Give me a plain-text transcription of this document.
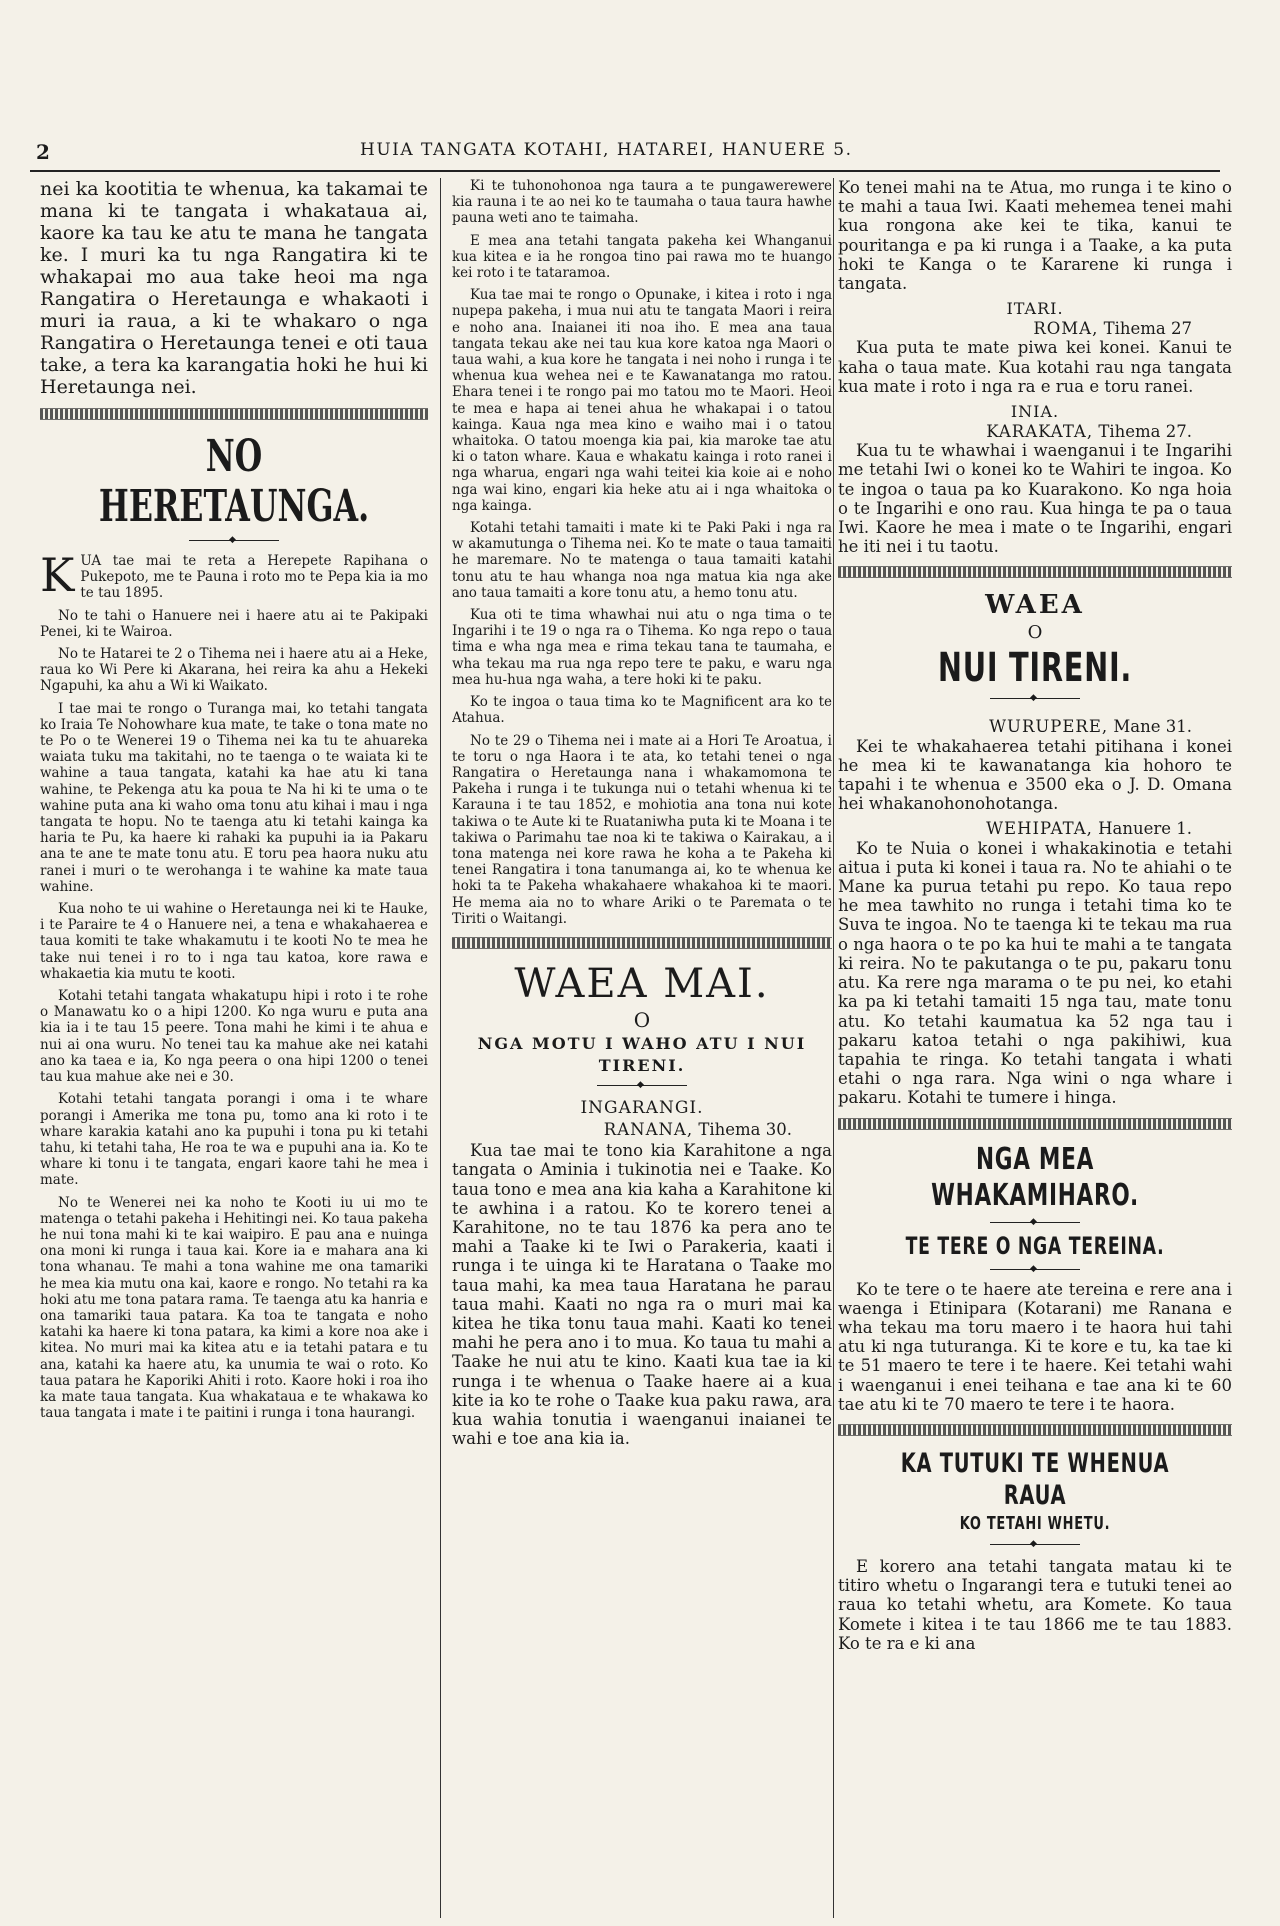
2	HUIA TANGATA KOTAHI, HATAREI, HANUERE 5.

nei ka kootitia te whenua, ka takamai te mana ki te tangata i whakataua ai, kaore ka tau ke atu te mana he tangata ke. I muri ka tu nga Rangatira ki te whakapai mo aua take heoi ma nga Rangatira o Heretaunga e whakaoti i muri ia raua, a ki te whakaro o nga Rangatira o Heretaunga tenei e oti taua take, a tera ka karangatia hoki he hui ki Heretaunga nei.

NO HERETAUNGA.
◆

KUA tae mai te reta a Herepete Rapihana o Pukepoto, me te Pauna i roto mo te Pepa kia ia mo te tau 1895.

No te tahi o Hanuere nei i haere atu ai te Pakipaki Penei, ki te Wairoa.

No te Hatarei te 2 o Tihema nei i haere atu ai a Heke, raua ko Wi Pere ki Akarana, hei reira ka ahu a Hekeki Ngapuhi, ka ahu a Wi ki Waikato.

I tae mai te rongo o Turanga mai, ko tetahi tangata ko Iraia Te Nohowhare kua mate, te take o tona mate no te Po o te Wenerei 19 o Tihema nei ka tu te ahuareka waiata tuku ma takitahi, no te taenga o te waiata ki te wahine a taua tangata, katahi ka hae atu ki tana wahine, te Pekenga atu ka poua te Na hi ki te uma o te wahine puta ana ki waho oma tonu atu kihai i mau i nga tangata te hopu. No te taenga atu ki tetahi kainga ka haria te Pu, ka haere ki rahaki ka pupuhi ia ia Pakaru ana te ane te mate tonu atu. E toru pea haora nuku atu ranei i muri o te werohanga i te wahine ka mate taua wahine.

Kua noho te ui wahine o Heretaunga nei ki te Hauke, i te Paraire te 4 o Hanuere nei, a tena e whakahaerea e taua komiti te take whakamutu i te kooti No te mea he take nui tenei i ro to i nga tau katoa, kore rawa e whakaetia kia mutu te kooti.

Kotahi tetahi tangata whakatupu hipi i roto i te rohe o Manawatu ko o a hipi 1200. Ko nga wuru e puta ana kia ia i te tau 15 peere. Tona mahi he kimi i te ahua e nui ai ona wuru. No tenei tau ka mahue ake nei katahi ano ka taea e ia, Ko nga peera o ona hipi 1200 o tenei tau kua mahue ake nei e 30.

Kotahi tetahi tangata porangi i oma i te whare porangi i Amerika me tona pu, tomo ana ki roto i te whare karakia katahi ano ka pupuhi i tona pu ki tetahi tahu, ki tetahi taha, He roa te wa e pupuhi ana ia. Ko te whare ki tonu i te tangata, engari kaore tahi he mea i mate.

No te Wenerei nei ka noho te Kooti iu ui mo te matenga o tetahi pakeha i Hehitingi nei. Ko taua pakeha he nui tona mahi ki te kai waipiro. E pau ana e nuinga ona moni ki runga i taua kai. Kore ia e mahara ana ki tona whanau. Te mahi a tona wahine me ona tamariki he mea kia mutu ona kai, kaore e rongo. No tetahi ra ka hoki atu me tona patara rama. Te taenga atu ka hanria e ona tamariki taua patara. Ka toa te tangata e noho katahi ka haere ki tona patara, ka kimi a kore noa ake i kitea. No muri mai ka kitea atu e ia tetahi patara e tu ana, katahi ka haere atu, ka unumia te wai o roto. Ko taua patara he Kaporiki Ahiti i roto. Kaore hoki i roa iho ka mate taua tangata. Kua whakataua e te whakawa ko taua tangata i mate i te paitini i runga i tona haurangi.

Ki te tuhonohonoa nga taura a te pungawerewere kia rauna i te ao nei ko te taumaha o taua taura hawhe pauna weti ano te taimaha.

E mea ana tetahi tangata pakeha kei Whanganui kua kitea e ia he rongoa tino pai rawa mo te huango kei roto i te tataramoa.

Kua tae mai te rongo o Opunake, i kitea i roto i nga nupepa pakeha, i mua nui atu te tangata Maori i reira e noho ana. Inaianei iti noa iho. E mea ana taua tangata tekau ake nei tau kua kore katoa nga Maori o taua wahi, a kua kore he tangata i nei noho i runga i te whenua kua wehea nei e te Kawanatanga mo ratou. Ehara tenei i te rongo pai mo tatou mo te Maori. Heoi te mea e hapa ai tenei ahua he whakapai i o tatou kainga. Kaua nga mea kino e waiho mai i o tatou whaitoka. O tatou moenga kia pai, kia maroke tae atu ki o taton whare. Kaua e whakatu kainga i roto ranei i nga wharua, engari nga wahi teitei kia koie ai e noho nga wai kino, engari kia heke atu ai i nga whaitoka o nga kainga.

Kotahi tetahi tamaiti i mate ki te Paki Paki i nga ra w akamutunga o Tihema nei. Ko te mate o taua tamaiti he maremare. No te matenga o taua tamaiti katahi tonu atu te hau whanga noa nga matua kia nga ake ano taua tamaiti a kore tonu atu, a hemo tonu atu.

Kua oti te tima whawhai nui atu o nga tima o te Ingarihi i te 19 o nga ra o Tihema. Ko nga repo o taua tima e wha nga mea e rima tekau tana te taumaha, e wha tekau ma rua nga repo tere te paku, e waru nga mea hu-hua nga waha, a tere hoki ki te paku.

Ko te ingoa o taua tima ko te Magnificent ara ko te Atahua.

No te 29 o Tihema nei i mate ai a Hori Te Aroatua, i te toru o nga Haora i te ata, ko tetahi tenei o nga Rangatira o Heretaunga nana i whakamomona te Pakeha i runga i te tukunga nui o tetahi whenua ki te Karauna i te tau 1852, e mohiotia ana tona nui kote takiwa o te Aute ki te Ruataniwha puta ki te Moana i te takiwa o Parimahu tae noa ki te takiwa o Kairakau, a i tona matenga nei kore rawa he koha a te Pakeha ki tenei Rangatira i tona tanumanga ai, ko te whenua ke hoki ta te Pakeha whakahaere whakahoa ki te maori. He mema aia no to whare Ariki o te Paremata o te Tiriti o Waitangi.

WAEA MAI.
O
NGA MOTU I WAHO ATU I NUI TIRENI.
◆
INGARANGI.

RANANA, Tihema 30.

Kua tae mai te tono kia Karahitone a nga tangata o Aminia i tukinotia nei e Taake. Ko taua tono e mea ana kia kaha a Karahitone ki te awhina i a ratou. Ko te korero tenei a Karahitone, no te tau 1876 ka pera ano te mahi a Taake ki te Iwi o Parakeria, kaati i runga i te uinga ki te Haratana o Taake mo taua mahi, ka mea taua Haratana he parau taua mahi. Kaati no nga ra o muri mai ka kitea he tika tonu taua mahi. Kaati ko tenei mahi he pera ano i to mua. Ko taua tu mahi a Taake he nui atu te kino. Kaati kua tae ia ki runga i te whenua o Taake haere ai a kua kite ia ko te rohe o Taake kua paku rawa, ara kua wahia tonutia i waenganui inaianei te wahi e toe ana kia ia.

Ko tenei mahi na te Atua, mo runga i te kino o te mahi a taua Iwi. Kaati mehemea tenei mahi kua rongona ake kei te tika, kanui te pouritanga e pa ki runga i a Taake, a ka puta hoki te Kanga o te Kararene ki runga i tangata.

ITARI.

ROMA, Tihema 27

Kua puta te mate piwa kei konei. Kanui te kaha o taua mate. Kua kotahi rau nga tangata kua mate i roto i nga ra e rua e toru ranei.

INIA.

KARAKATA, Tihema 27.

Kua tu te whawhai i waenganui i te Ingarihi me tetahi Iwi o konei ko te Wahiri te ingoa. Ko te ingoa o taua pa ko Kuarakono. Ko nga hoia o te Ingarihi e ono rau. Kua hinga te pa o taua Iwi. Kaore he mea i mate o te Ingarihi, engari he iti nei i tu taotu.

WAEA
O
NUI TIRENI.
◆

WURUPERE, Mane 31.

Kei te whakahaerea tetahi pitihana i konei he mea ki te kawanatanga kia hohoro te tapahi i te whenua e 3500 eka o J. D. Omana hei whakanohonohotanga.

WEHIPATA, Hanuere 1.

Ko te Nuia o konei i whakakinotia e tetahi aitua i puta ki konei i taua ra. No te ahiahi o te Mane ka purua tetahi pu repo. Ko taua repo he mea tawhito no runga i tetahi tima ko te Suva te ingoa. No te taenga ki te tekau ma rua o nga haora o te po ka hui te mahi a te tangata ki reira. No te pakutanga o te pu, pakaru tonu atu. Ka rere nga marama o te pu nei, ko etahi ka pa ki tetahi tamaiti 15 nga tau, mate tonu atu. Ko tetahi kaumatua ka 52 nga tau i pakaru katoa tetahi o nga pakihiwi, kua tapahia te ringa. Ko tetahi tangata i whati etahi o nga rara. Nga wini o nga whare i pakaru. Kotahi te tumere i hinga.

NGA MEA WHAKAMIHARO.
◆
TE TERE O NGA TEREINA.
◆

Ko te tere o te haere ate tereina e rere ana i waenga i Etinipara (Kotarani) me Ranana e wha tekau ma toru maero i te haora hui tahi atu ki nga tuturanga. Ki te kore e tu, ka tae ki te 51 maero te tere i te haere. Kei tetahi wahi i waenganui i enei teihana e tae ana ki te 60 tae atu ki te 70 maero te tere i te haora.

KA TUTUKI TE WHENUA RAUA
KO TETAHI WHETU.
◆

E korero ana tetahi tangata matau ki te titiro whetu o Ingarangi tera e tutuki tenei ao raua ko tetahi whetu, ara Komete. Ko taua Komete i kitea i te tau 1866 me te tau 1883. Ko te ra e ki ana
